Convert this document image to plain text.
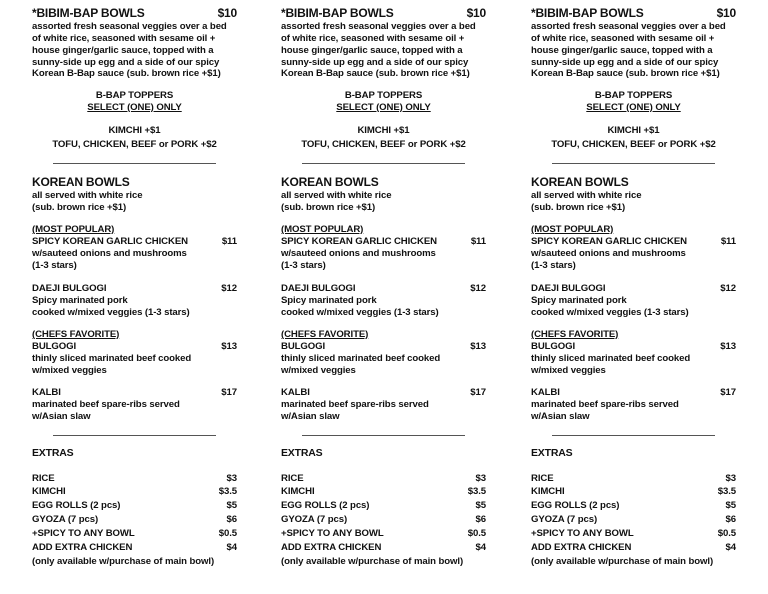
*BIBIM-BAP BOWLS	$10
assorted fresh seasonal veggies over a bed
of white rice, seasoned with sesame oil +
house ginger/garlic sauce, topped with a
sunny-side up egg and a side of our spicy
Korean B-Bap sauce (sub. brown rice +$1)
B-BAP TOPPERS
SELECT (ONE) ONLY
KIMCHI +$1
TOFU, CHICKEN, BEEF or PORK +$2
KOREAN BOWLS
all served with white rice
(sub. brown rice +$1)
(MOST POPULAR)
SPICY KOREAN GARLIC CHICKEN	$11
w/sauteed onions and mushrooms
(1-3 stars)
DAEJI BULGOGI	$12
Spicy marinated pork
cooked w/mixed veggies (1-3 stars)
(CHEFS FAVORITE)
BULGOGI	$13
thinly sliced marinated beef cooked
w/mixed veggies
KALBI	$17
marinated beef spare-ribs served
w/Asian slaw
EXTRAS
RICE	$3
KIMCHI	$3.5
EGG ROLLS (2 pcs)	$5
GYOZA (7 pcs)	$6
+SPICY TO ANY BOWL	$0.5
ADD EXTRA CHICKEN	$4
(only available w/purchase of main bowl)
*BIBIM-BAP BOWLS	$10
assorted fresh seasonal veggies over a bed
of white rice, seasoned with sesame oil +
house ginger/garlic sauce, topped with a
sunny-side up egg and a side of our spicy
Korean B-Bap sauce (sub. brown rice +$1)
B-BAP TOPPERS
SELECT (ONE) ONLY
KIMCHI +$1
TOFU, CHICKEN, BEEF or PORK +$2
KOREAN BOWLS
all served with white rice
(sub. brown rice +$1)
(MOST POPULAR)
SPICY KOREAN GARLIC CHICKEN	$11
w/sauteed onions and mushrooms
(1-3 stars)
DAEJI BULGOGI	$12
Spicy marinated pork
cooked w/mixed veggies (1-3 stars)
(CHEFS FAVORITE)
BULGOGI	$13
thinly sliced marinated beef cooked
w/mixed veggies
KALBI	$17
marinated beef spare-ribs served
w/Asian slaw
EXTRAS
RICE	$3
KIMCHI	$3.5
EGG ROLLS (2 pcs)	$5
GYOZA (7 pcs)	$6
+SPICY TO ANY BOWL	$0.5
ADD EXTRA CHICKEN	$4
(only available w/purchase of main bowl)
*BIBIM-BAP BOWLS	$10
assorted fresh seasonal veggies over a bed
of white rice, seasoned with sesame oil +
house ginger/garlic sauce, topped with a
sunny-side up egg and a side of our spicy
Korean B-Bap sauce (sub. brown rice +$1)
B-BAP TOPPERS
SELECT (ONE) ONLY
KIMCHI +$1
TOFU, CHICKEN, BEEF or PORK +$2
KOREAN BOWLS
all served with white rice
(sub. brown rice +$1)
(MOST POPULAR)
SPICY KOREAN GARLIC CHICKEN	$11
w/sauteed onions and mushrooms
(1-3 stars)
DAEJI BULGOGI	$12
Spicy marinated pork
cooked w/mixed veggies (1-3 stars)
(CHEFS FAVORITE)
BULGOGI	$13
thinly sliced marinated beef cooked
w/mixed veggies
KALBI	$17
marinated beef spare-ribs served
w/Asian slaw
EXTRAS
RICE	$3
KIMCHI	$3.5
EGG ROLLS (2 pcs)	$5
GYOZA (7 pcs)	$6
+SPICY TO ANY BOWL	$0.5
ADD EXTRA CHICKEN	$4
(only available w/purchase of main bowl)
